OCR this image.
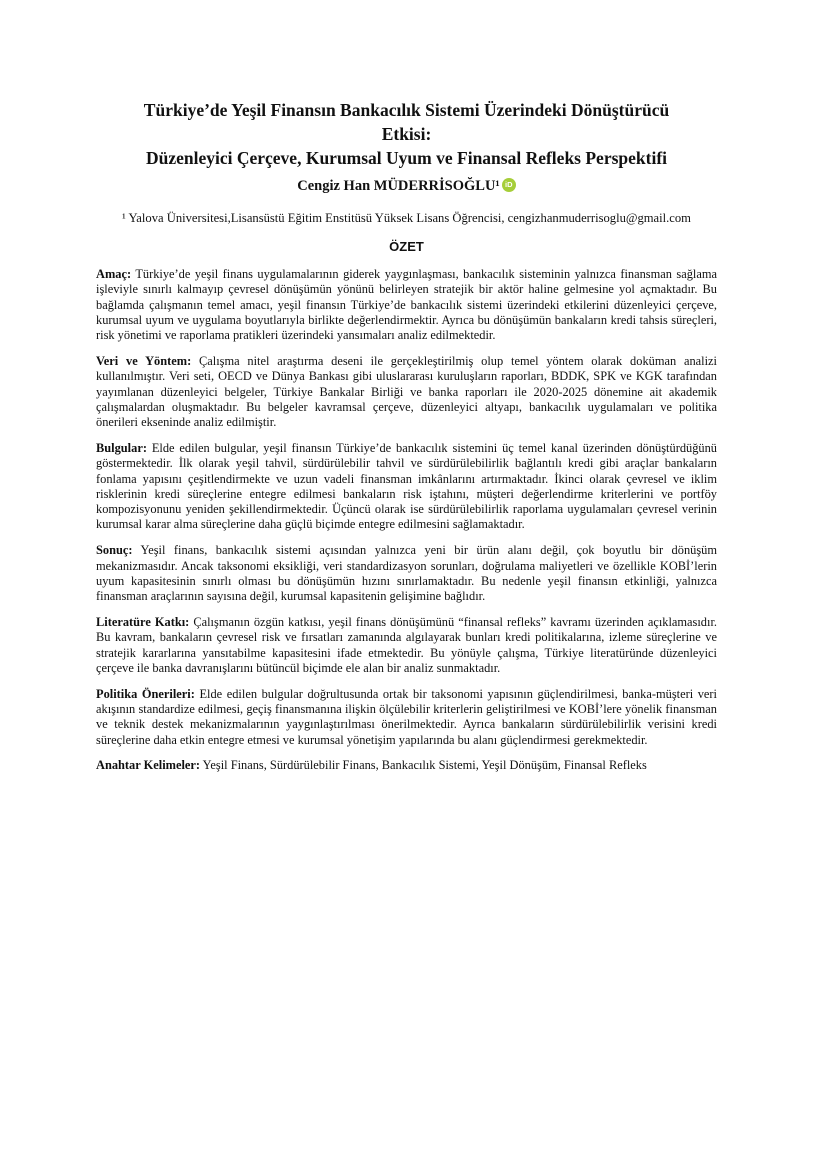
Türkiye’de Yeşil Finansın Bankacılık Sistemi Üzerindeki Dönüştürücü
Etkisi:
Düzenleyici Çerçeve, Kurumsal Uyum ve Finansal Refleks Perspektifi
Cengiz Han MÜDERRİSOĞLU¹ iD
¹ Yalova Üniversitesi,Lisansüstü Eğitim Enstitüsü Yüksek Lisans Öğrencisi, cengizhanmuderrisoglu@gmail.com
ÖZET

Amaç: Türkiye’de yeşil finans uygulamalarının giderek yaygınlaşması, bankacılık sisteminin yalnızca finansman sağlama işleviyle sınırlı kalmayıp çevresel dönüşümün yönünü belirleyen stratejik bir aktör haline gelmesine yol açmaktadır. Bu bağlamda çalışmanın temel amacı, yeşil finansın Türkiye’de bankacılık sistemi üzerindeki etkilerini düzenleyici çerçeve, kurumsal uyum ve uygulama boyutlarıyla birlikte değerlendirmektir. Ayrıca bu dönüşümün bankaların kredi tahsis süreçleri, risk yönetimi ve raporlama pratikleri üzerindeki yansımaları analiz edilmektedir.

Veri ve Yöntem: Çalışma nitel araştırma deseni ile gerçekleştirilmiş olup temel yöntem olarak doküman analizi kullanılmıştır. Veri seti, OECD ve Dünya Bankası gibi uluslararası kuruluşların raporları, BDDK, SPK ve KGK tarafından yayımlanan düzenleyici belgeler, Türkiye Bankalar Birliği ve banka raporları ile 2020-2025 dönemine ait akademik çalışmalardan oluşmaktadır. Bu belgeler kavramsal çerçeve, düzenleyici altyapı, bankacılık uygulamaları ve politika önerileri ekseninde analiz edilmiştir.

Bulgular: Elde edilen bulgular, yeşil finansın Türkiye’de bankacılık sistemini üç temel kanal üzerinden dönüştürdüğünü göstermektedir. İlk olarak yeşil tahvil, sürdürülebilir tahvil ve sürdürülebilirlik bağlantılı kredi gibi araçlar bankaların fonlama yapısını çeşitlendirmekte ve uzun vadeli finansman imkânlarını artırmaktadır. İkinci olarak çevresel ve iklim risklerinin kredi süreçlerine entegre edilmesi bankaların risk iştahını, müşteri değerlendirme kriterlerini ve portföy kompozisyonunu yeniden şekillendirmektedir. Üçüncü olarak ise sürdürülebilirlik raporlama uygulamaları çevresel verinin kurumsal karar alma süreçlerine daha güçlü biçimde entegre edilmesini sağlamaktadır.

Sonuç: Yeşil finans, bankacılık sistemi açısından yalnızca yeni bir ürün alanı değil, çok boyutlu bir dönüşüm mekanizmasıdır. Ancak taksonomi eksikliği, veri standardizasyon sorunları, doğrulama maliyetleri ve özellikle KOBİ’lerin uyum kapasitesinin sınırlı olması bu dönüşümün hızını sınırlamaktadır. Bu nedenle yeşil finansın etkinliği, yalnızca finansman araçlarının sayısına değil, kurumsal kapasitenin gelişimine bağlıdır.

Literatüre Katkı: Çalışmanın özgün katkısı, yeşil finans dönüşümünü “finansal refleks” kavramı üzerinden açıklamasıdır. Bu kavram, bankaların çevresel risk ve fırsatları zamanında algılayarak bunları kredi politikalarına, izleme süreçlerine ve stratejik kararlarına yansıtabilme kapasitesini ifade etmektedir. Bu yönüyle çalışma, Türkiye literatüründe düzenleyici çerçeve ile banka davranışlarını bütüncül biçimde ele alan bir analiz sunmaktadır.

Politika Önerileri: Elde edilen bulgular doğrultusunda ortak bir taksonomi yapısının güçlendirilmesi, banka-müşteri veri akışının standardize edilmesi, geçiş finansmanına ilişkin ölçülebilir kriterlerin geliştirilmesi ve KOBİ’lere yönelik finansman ve teknik destek mekanizmalarının yaygınlaştırılması önerilmektedir. Ayrıca bankaların sürdürülebilirlik verisini kredi süreçlerine daha etkin entegre etmesi ve kurumsal yönetişim yapılarında bu alanı güçlendirmesi gerekmektedir.

Anahtar Kelimeler: Yeşil Finans, Sürdürülebilir Finans, Bankacılık Sistemi, Yeşil Dönüşüm, Finansal Refleks
